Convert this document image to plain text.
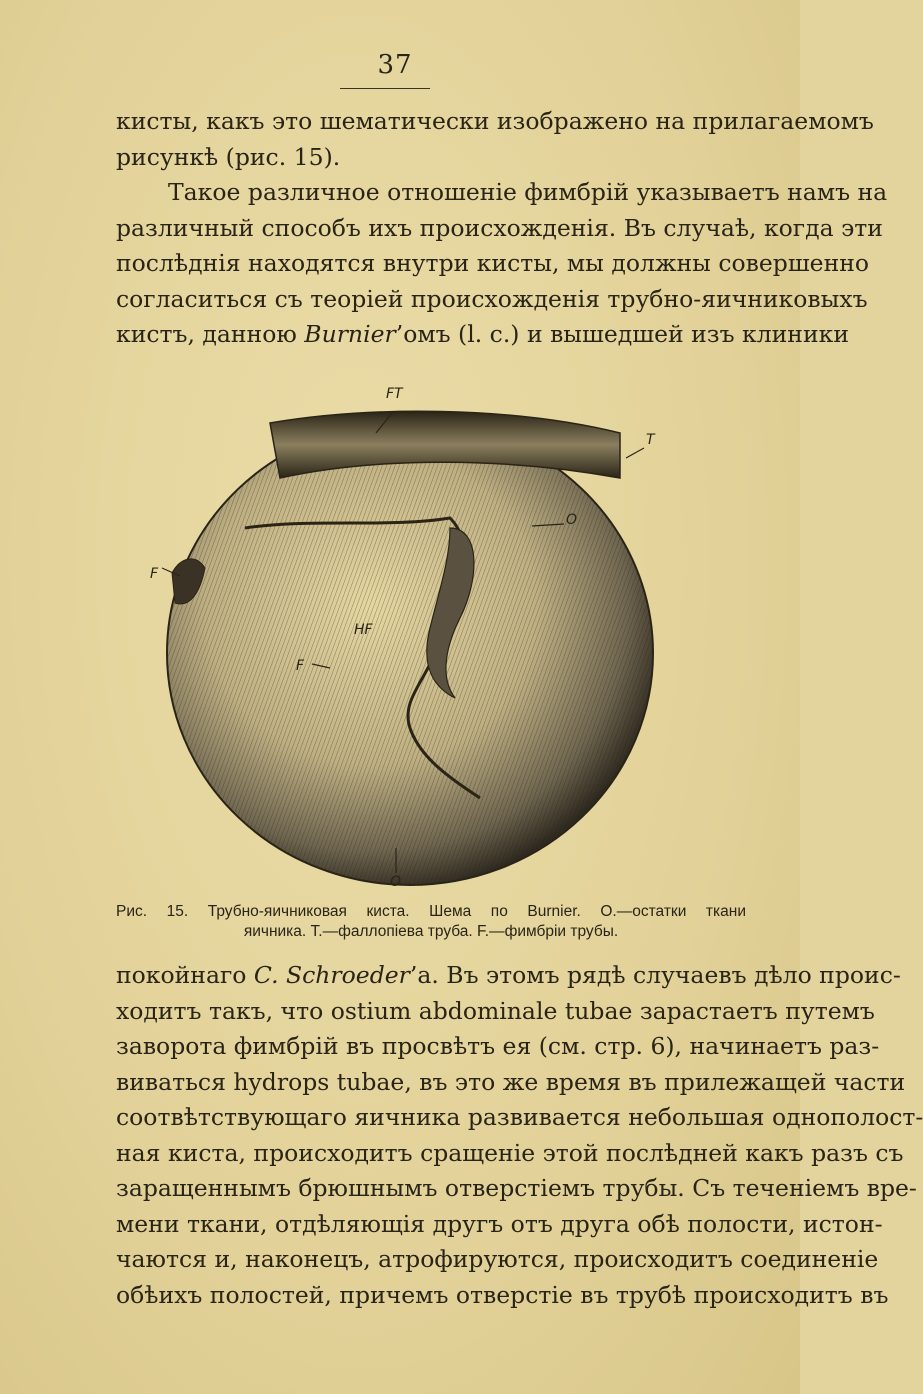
37

кисты, какъ это шематически изображено на прилагаемомъ
рисункѣ (рис. 15).

Такое различное отношеніе фимбрій указываетъ намъ на
различный способъ ихъ происхожденія. Въ случаѣ, когда эти
послѣднія находятся внутри кисты, мы должны совершенно
согласиться съ теоріей происхожденія трубно-яичниковыхъ
кистъ, данною Burnier’омъ (l. c.) и вышедшей изъ клиники

FT
T
O
F
HF
F
O
Рис. 15. Трубно-яичниковая киста. Шема по Burnier. O.—остатки ткани
яичника. T.—фаллопіева труба. F.—фимбріи трубы.

покойнаго C. Schroeder’а. Въ этомъ рядѣ случаевъ дѣло проис-
ходитъ такъ, что ostium abdominale tubae зарастаетъ путемъ
заворота фимбрій въ просвѣтъ ея (см. стр. 6), начинаетъ раз-
виваться hydrops tubae, въ это же время въ прилежащей части
соотвѣтствующаго яичника развивается небольшая однополост-
ная киста, происходитъ сращеніе этой послѣдней какъ разъ съ
заращеннымъ брюшнымъ отверстіемъ трубы. Съ теченіемъ вре-
мени ткани, отдѣляющія другъ отъ друга обѣ полости, истон-
чаются и, наконецъ, атрофируются, происходитъ соединеніе
обѣихъ полостей, причемъ отверстіе въ трубѣ происходитъ въ
